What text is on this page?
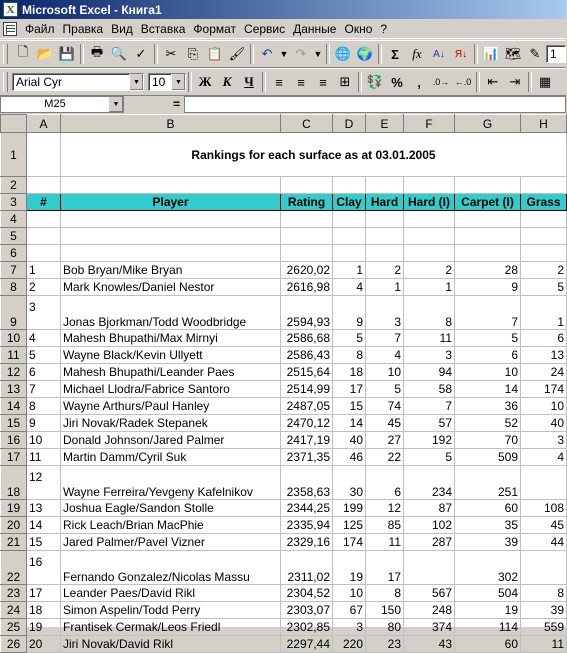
X Microsoft Excel - Книга1
Файл Правка Вид Вставка Формат Сервис Данные Окно ?
🗋 📂 💾	🖶 🔍 ✓	✂ ⎘ 📋 🖌	↶ ▼ ↷ ▼ 🌐 🌍	Σ	fx	A↓	Я↓	📊 🗺 ✎ 1
Arial Cyr	▼ 10	▼	Ж К Ч	≡	≡	≡ ⊞	💱 %	,	.0→ ←.0	⇤ ⇥	▦
M25	▼	=
	A	B	C	D	E	F	G	H
1		Rankings for each surface as at 03.01.2005						
2								
3	#	Player	Rating	Clay	Hard	Hard (I)	Carpet (I)	Grass
4								
5								
6								
7	1	Bob Bryan/Mike Bryan	2620,02	1	2	2	28	2
8	2	Mark Knowles/Daniel Nestor	2616,98	4	1	1	9	5
9	3	Jonas Bjorkman/Todd Woodbridge	2594,93	9	3	8	7	1
10	4	Mahesh Bhupathi/Max Mirnyi	2586,68	5	7	11	5	6
11	5	Wayne Black/Kevin Ullyett	2586,43	8	4	3	6	13
12	6	Mahesh Bhupathi/Leander Paes	2515,64	18	10	94	10	24
13	7	Michael Llodra/Fabrice Santoro	2514,99	17	5	58	14	174
14	8	Wayne Arthurs/Paul Hanley	2487,05	15	74	7	36	10
15	9	Jiri Novak/Radek Stepanek	2470,12	14	45	57	52	40
16	10	Donald Johnson/Jared Palmer	2417,19	40	27	192	70	3
17	11	Martin Damm/Cyril Suk	2371,35	46	22	5	509	4
18	12	Wayne Ferreira/Yevgeny Kafelnikov	2358,63	30	6	234	251	
19	13	Joshua Eagle/Sandon Stolle	2344,25	199	12	87	60	108
20	14	Rick Leach/Brian MacPhie	2335,94	125	85	102	35	45
21	15	Jared Palmer/Pavel Vizner	2329,16	174	11	287	39	44
22	16	Fernando Gonzalez/Nicolas Massu	2311,02	19	17		302	
23	17	Leander Paes/David Rikl	2304,52	10	8	567	504	8
24	18	Simon Aspelin/Todd Perry	2303,07	67	150	248	19	39
25	19	Frantisek Cermak/Leos Friedl	2302,85	3	80	374	114	559
26	20	Jiri Novak/David Rikl	2297,44	220	23	43	60	11
